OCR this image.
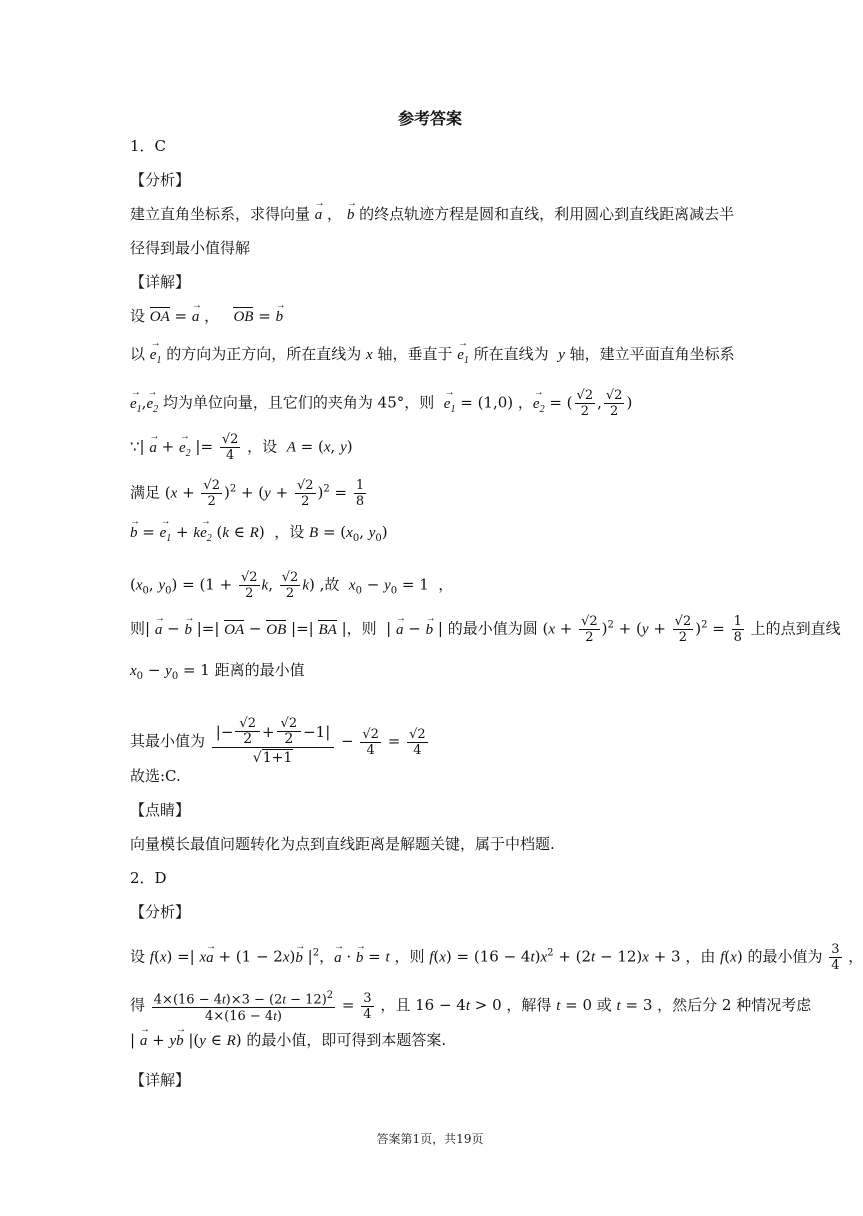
参考答案
1．C
【分析】
建立直角坐标系，求得向量 → a ， → b 的终点轨迹方程是圆和直线，利用圆心到直线距离减去半
径得到最小值得解
【详解】
设 OA = → a ，   OB = → b
以 → $e_1$ 的方向为正方向，所在直线为 x 轴，垂直于 → $e_1$ 所在直线为  y 轴，建立平面直角坐标系
→ $e_1,\to e_2$ 均为单位向量，且它们的夹角为 45°，则  → $e_1 = (1,0)$ ，→ $e_2$ = ( $\frac{√2}{2}$ , $\frac{√2}{2}$ )
∵| → a + → $e_2$ |= $\frac{√2}{4}$ ，设  A = (x, y)
满足 $(x + \frac{√2}{2} )^2 + (y + \frac{√2}{2} )^2 = \frac{1}{8}$
→ b = → $e_1 + k\to e_2$ (k ∈ R)  ，设 $B = (x_0$, $y_0$)
($x_0$, $y_0) = (1 + \frac{√2}{2} k$, $\frac{√2}{2} k$) ,故  $x_0 - y_0 = 1$  ，
则| → a − → b |=| OA − OB |=| BA |，则  | → a − → b | 的最小值为圆 $(x + \frac{√2}{2} )^2 + (y + \frac{√2}{2} )^2 = \frac{1}{8}$ 上的点到直线
$x_0 - y_0 = 1$ 距离的最小值
其最小值为 $\frac{|- \frac{√2}{2} + \frac{√2}{2} -1|}{√1+1} - \frac{√2}{4} = \frac{√2}{4}$
故选:C.
【点睛】
向量模长最值问题转化为点到直线距离是解题关键，属于中档题.
2．D
【分析】
设 f(x) =| x→ a + (1 − 2x)→ b $|^2$，→ a · → b = t ，则 $f(x) = (16 - 4t)x^2 + (2t - 12)x + 3$ ，由 f(x) 的最小值为 $\frac{3}{4}$ ，
得 $\frac{4\times(16 - 4t)\times 3 - (2t - 12)^2}{4\times(16 - 4t)} = \frac{3}{4}$ ，且 16 − 4t > 0 ，解得 t = 0 或 t = 3 ，然后分 2 种情况考虑
| → a + y→ b |(y ∈ R) 的最小值，即可得到本题答案.
【详解】
答案第1页，共19页
